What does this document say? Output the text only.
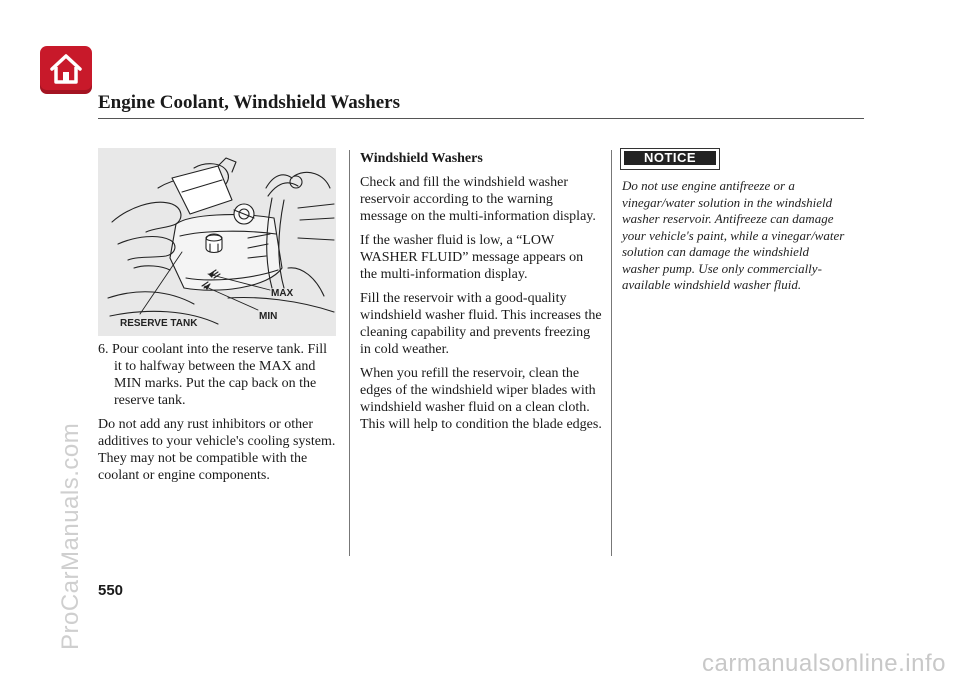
Engine Coolant, Windshield Washers
MAX
MIN
RESERVE TANK

6. Pour coolant into the reserve tank. Fill it to halfway between the MAX and MIN marks. Put the cap back on the reserve tank.

Do not add any rust inhibitors or other additives to your vehicle's cooling system. They may not be compatible with the coolant or engine components.

Windshield Washers

Check and fill the windshield washer reservoir according to the warning message on the multi-information display.

If the washer fluid is low, a “LOW WASHER FLUID” message appears on the multi-information display.

Fill the reservoir with a good-quality windshield washer fluid. This increases the cleaning capability and prevents freezing in cold weather.

When you refill the reservoir, clean the edges of the windshield wiper blades with windshield washer fluid on a clean cloth. This will help to condition the blade edges.

NOTICE

Do not use engine antifreeze or a vinegar/water solution in the windshield washer reservoir. Antifreeze can damage your vehicle's paint, while a vinegar/water solution can damage the windshield washer pump. Use only commercially-available windshield washer fluid.

550

ProCarManuals.com

carmanualsonline.info
